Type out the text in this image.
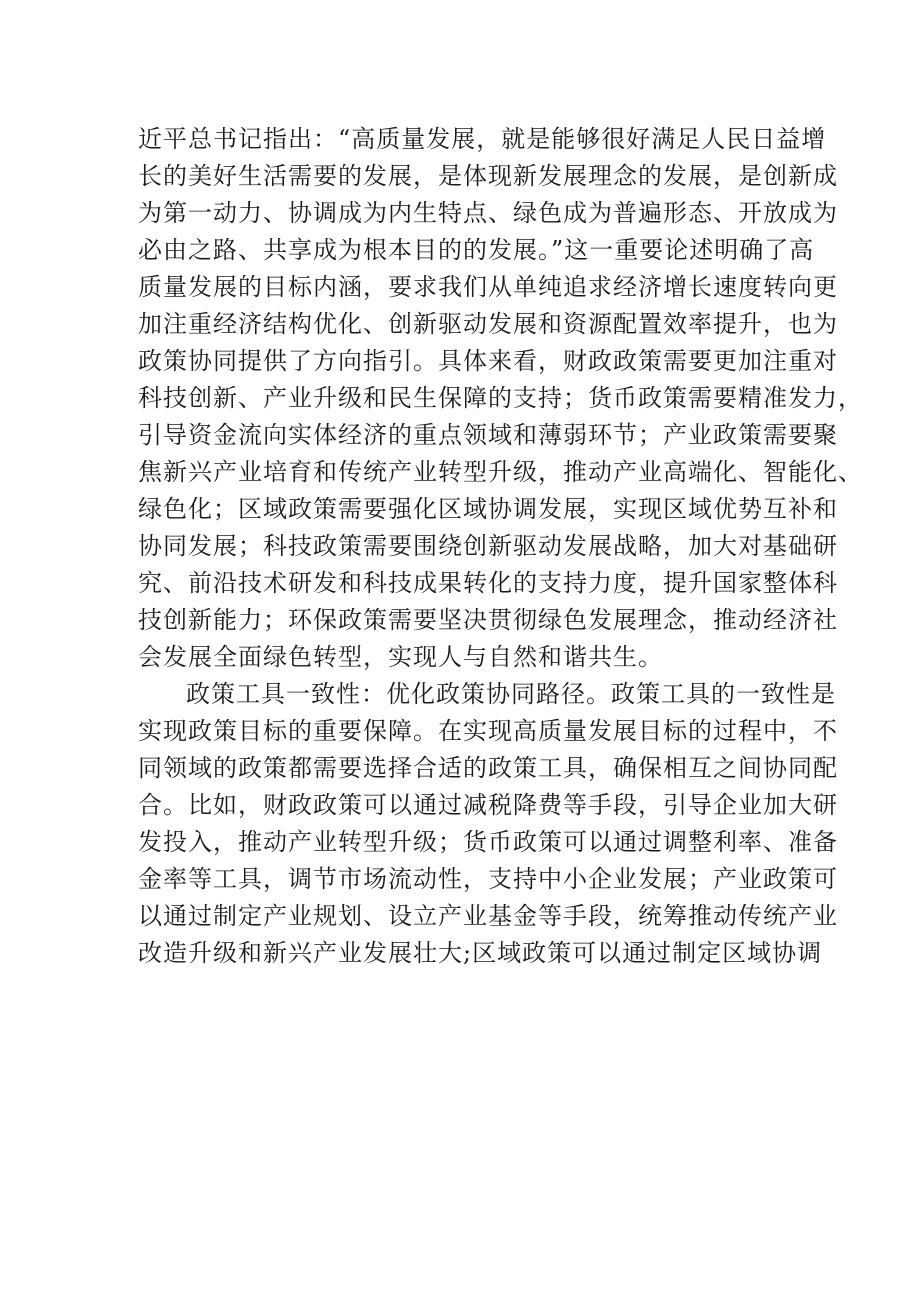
近平总书记指出：“高质量发展，就是能够很好满足人民日益增
长的美好生活需要的发展，是体现新发展理念的发展，是创新成
为第一动力、协调成为内生特点、绿色成为普遍形态、开放成为
必由之路、共享成为根本目的的发展。”这一重要论述明确了高
质量发展的目标内涵，要求我们从单纯追求经济增长速度转向更
加注重经济结构优化、创新驱动发展和资源配置效率提升，也为
政策协同提供了方向指引。具体来看，财政政策需要更加注重对
科技创新、产业升级和民生保障的支持；货币政策需要精准发力，
引导资金流向实体经济的重点领域和薄弱环节；产业政策需要聚
焦新兴产业培育和传统产业转型升级，推动产业高端化、智能化、
绿色化；区域政策需要强化区域协调发展，实现区域优势互补和
协同发展；科技政策需要围绕创新驱动发展战略，加大对基础研
究、前沿技术研发和科技成果转化的支持力度，提升国家整体科
技创新能力；环保政策需要坚决贯彻绿色发展理念，推动经济社
会发展全面绿色转型，实现人与自然和谐共生。
政策工具一致性：优化政策协同路径。政策工具的一致性是
实现政策目标的重要保障。在实现高质量发展目标的过程中，不
同领域的政策都需要选择合适的政策工具，确保相互之间协同配
合。比如，财政政策可以通过减税降费等手段，引导企业加大研
发投入，推动产业转型升级；货币政策可以通过调整利率、准备
金率等工具，调节市场流动性，支持中小企业发展；产业政策可
以通过制定产业规划、设立产业基金等手段，统筹推动传统产业
改造升级和新兴产业发展壮大;区域政策可以通过制定区域协调
